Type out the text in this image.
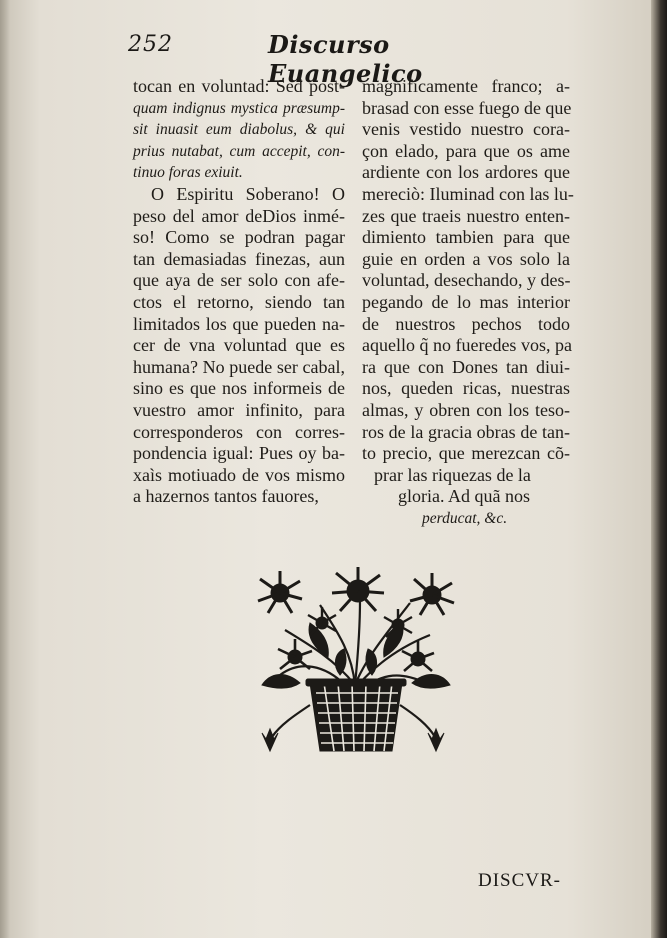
252	Discurso Euangelico
tocan en voluntad: Sed post-
quam indignus mystica præsump-
sit inuasit eum diabolus, & qui
prius nutabat, cum accepit, con-
tinuo foras exiuit.
O Espiritu Soberano! O
peso del amor deDios inmé-
so! Como se podran pagar
tan demasiadas finezas, aun
que aya de ser solo con afe-
ctos el retorno, siendo tan
limitados los que pueden na-
cer de vna voluntad que es
humana? No puede ser cabal,
sino es que nos informeis de
vuestro amor infinito, para
corresponderos con corres-
pondencia igual: Pues oy ba-
xaìs motiuado de vos mismo
a hazernos tantos fauores,
magnificamente franco; a-
brasad con esse fuego de que
venis vestido nuestro cora-
çon elado, para que os ame
ardiente con los ardores que
mereciò: Iluminad con las lu-
zes que traeis nuestro enten-
dimiento tambien para que
guie en orden a vos solo la
voluntad, desechando, y des-
pegando de lo mas interior
de nuestros pechos todo
aquello q̃ no fueredes vos, pa
ra que con Dones tan diui-
nos, queden ricas, nuestras
almas, y obren con los teso-
ros de la gracia obras de tan-
to precio, que merezcan cõ-
prar las riquezas de la
gloria. Ad quã nos
perducat, &c.

DISCVR-
